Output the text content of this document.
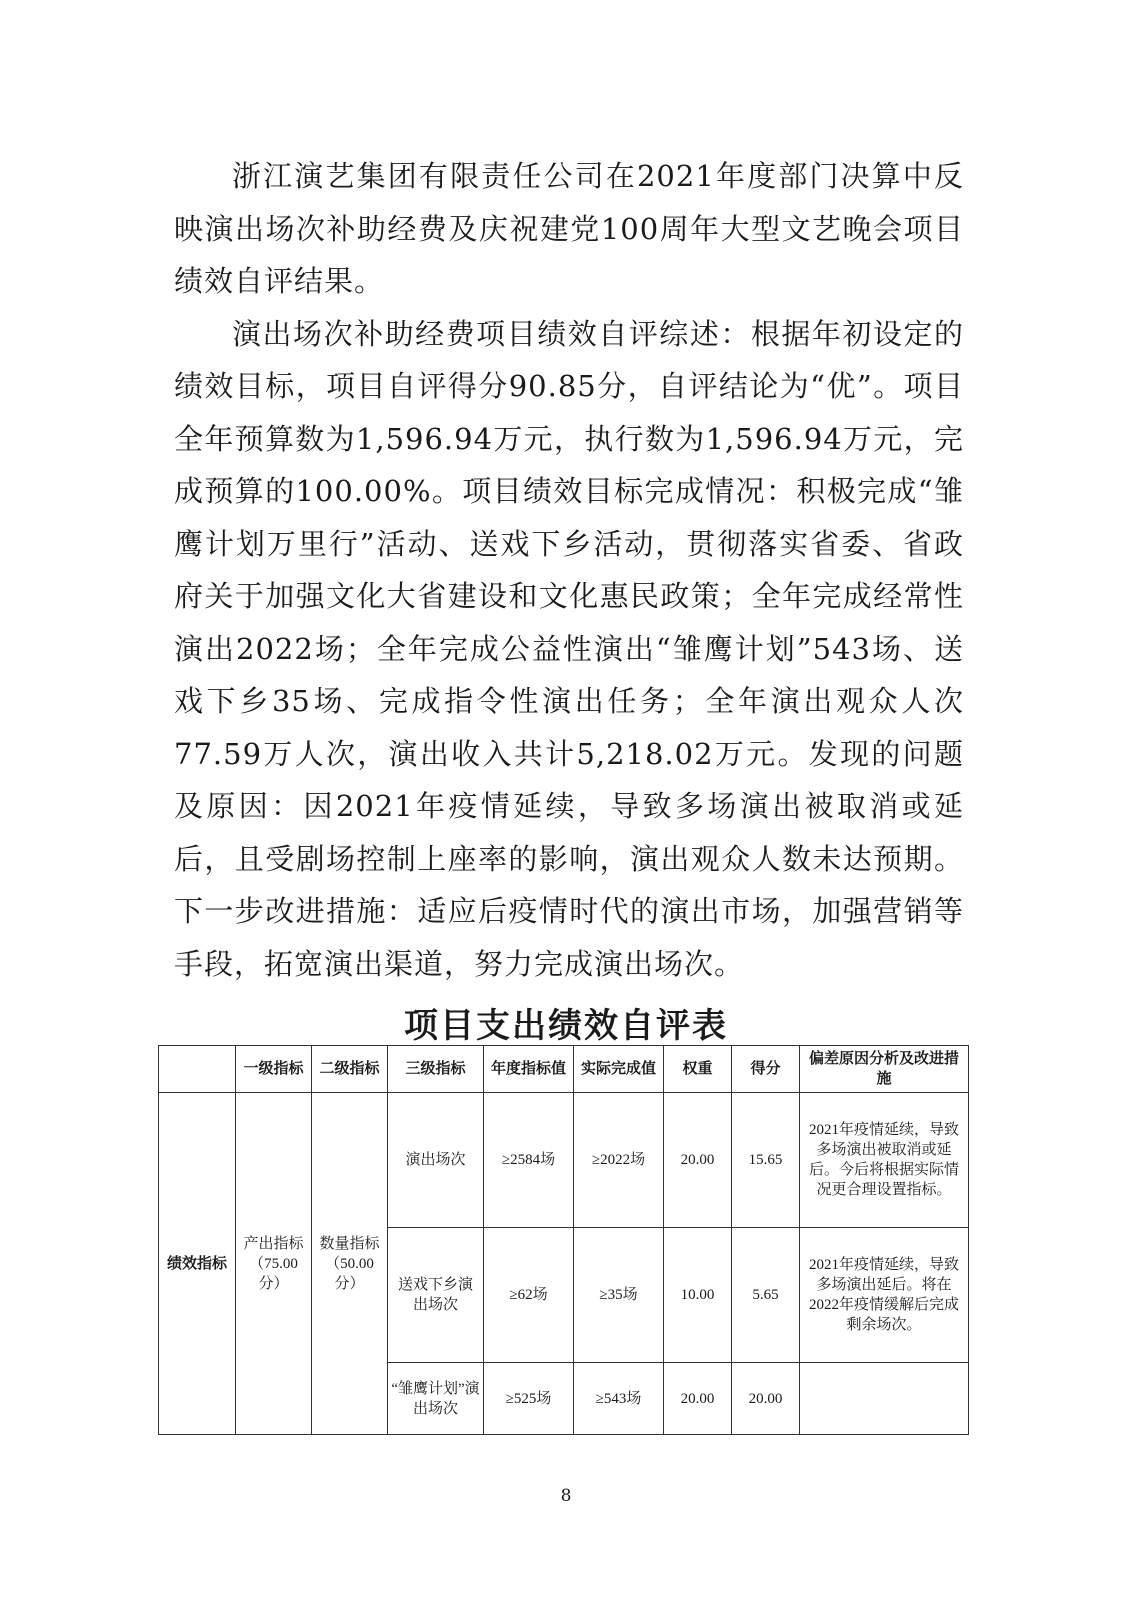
浙江演艺集团有限责任公司在2021年度部门决算中反映演出场次补助经费及庆祝建党100周年大型文艺晚会项目绩效自评结果。

演出场次补助经费项目绩效自评综述：根据年初设定的绩效目标，项目自评得分90.85分，自评结论为“优”。项目全年预算数为1,596.94万元，执行数为1,596.94万元，完成预算的100.00%。项目绩效目标完成情况：积极完成“雏鹰计划万里行”活动、送戏下乡活动，贯彻落实省委、省政府关于加强文化大省建设和文化惠民政策；全年完成经常性演出2022场；全年完成公益性演出“雏鹰计划”543场、送戏下乡35场、完成指令性演出任务；全年演出观众人次77.59万人次，演出收入共计5,218.02万元。发现的问题及原因：因2021年疫情延续，导致多场演出被取消或延后，且受剧场控制上座率的影响，演出观众人数未达预期。下一步改进措施：适应后疫情时代的演出市场，加强营销等手段，拓宽演出渠道，努力完成演出场次。

项目支出绩效自评表
	一级指标	二级指标	三级指标	年度指标值	实际完成值	权重	得分	偏差原因分析及改进措施
绩效指标	产出指标（75.00分）	数量指标（50.00分）	演出场次	≥2584场	≥2022场	20.00	15.65	2021年疫情延续，导致多场演出被取消或延后。今后将根据实际情况更合理设置指标。
			送戏下乡演出场次	≥62场	≥35场	10.00	5.65	2021年疫情延续，导致多场演出延后。将在2022年疫情缓解后完成剩余场次。
			“雏鹰计划”演出场次	≥525场	≥543场	20.00	20.00	

8
